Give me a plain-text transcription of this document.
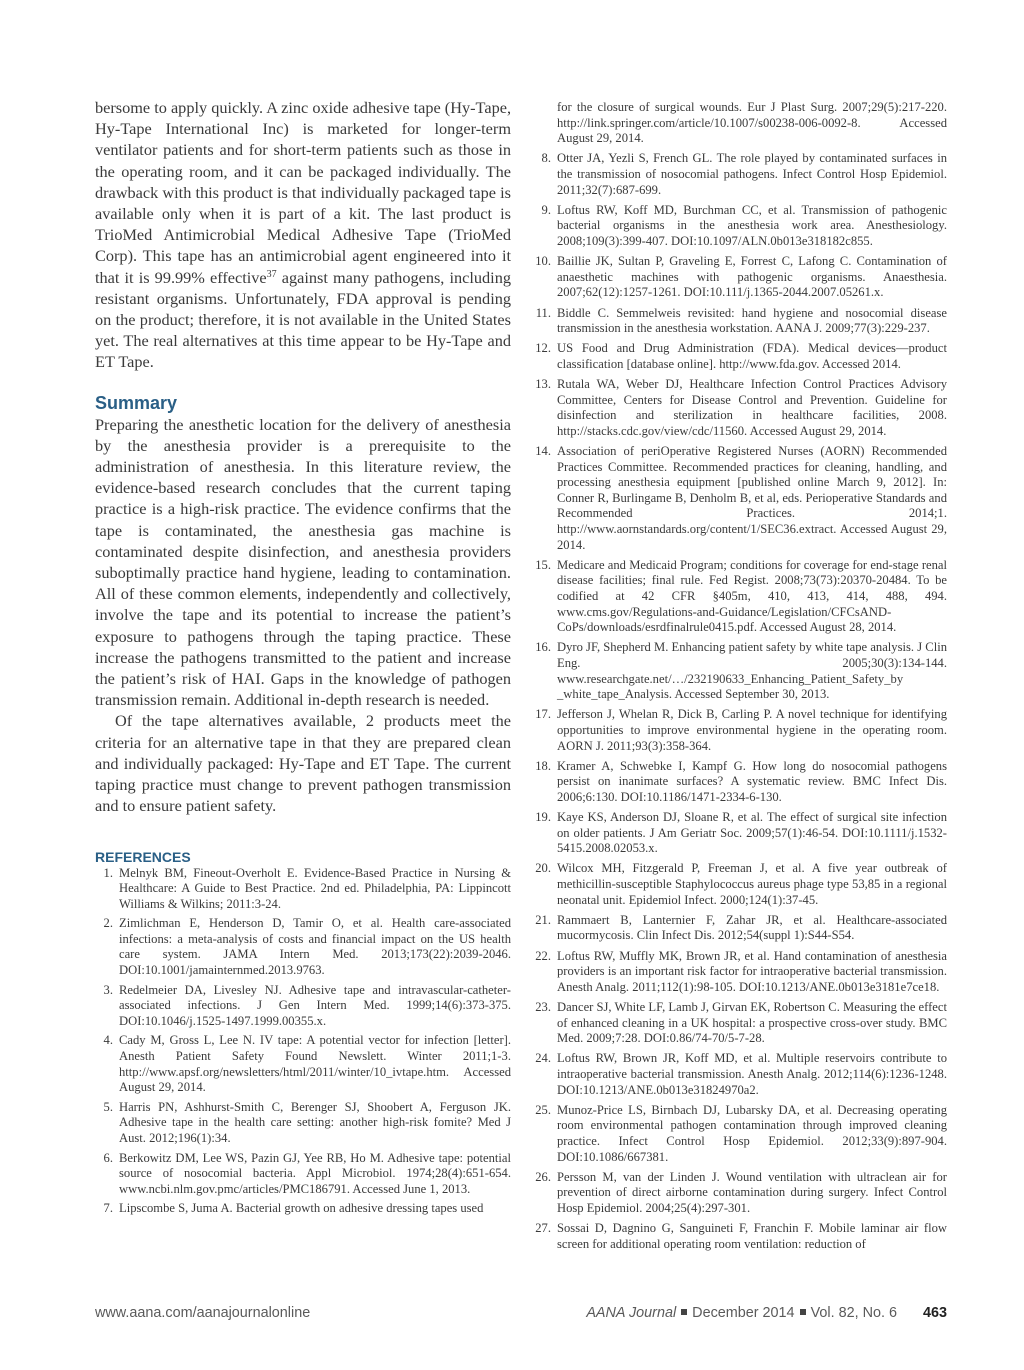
bersome to apply quickly. A zinc oxide adhesive tape (Hy-Tape, Hy-Tape International Inc) is marketed for longer-term ventilator patients and for short-term patients such as those in the operating room, and it can be packaged individually. The drawback with this product is that individually packaged tape is available only when it is part of a kit. The last product is TrioMed Antimicrobial Medical Adhesive Tape (TrioMed Corp). This tape has an antimicrobial agent engineered into it that it is 99.99% effective$^{37}$ against many pathogens, including resistant organisms. Unfortunately, FDA approval is pending on the product; therefore, it is not available in the United States yet. The real alternatives at this time appear to be Hy-Tape and ET Tape.

Summary

Preparing the anesthetic location for the delivery of anesthesia by the anesthesia provider is a prerequisite to the administration of anesthesia. In this literature review, the evidence-based research concludes that the current taping practice is a high-risk practice. The evidence confirms that the tape is contaminated, the anesthesia gas machine is contaminated despite disinfection, and anesthesia providers suboptimally practice hand hygiene, leading to contamination. All of these common elements, independently and collectively, involve the tape and its potential to increase the patient’s exposure to pathogens through the taping practice. These increase the pathogens transmitted to the patient and increase the patient’s risk of HAI. Gaps in the knowledge of pathogen transmission remain. Additional in-depth research is needed.

Of the tape alternatives available, 2 products meet the criteria for an alternative tape in that they are prepared clean and individually packaged: Hy-Tape and ET Tape. The current taping practice must change to prevent pathogen transmission and to ensure patient safety.

REFERENCES
1. Melnyk BM, Fineout-Overholt E. Evidence-Based Practice in Nursing & Healthcare: A Guide to Best Practice. 2nd ed. Philadelphia, PA: Lippincott Williams & Wilkins; 2011:3-24.
2. Zimlichman E, Henderson D, Tamir O, et al. Health care-associated infections: a meta-analysis of costs and financial impact on the US health care system. JAMA Intern Med. 2013;173(22):2039-2046. DOI:10.1001/jamainternmed.2013.9763.
3. Redelmeier DA, Livesley NJ. Adhesive tape and intravascular-catheter-associated infections. J Gen Intern Med. 1999;14(6):373-375. DOI:10.1046/j.1525-1497.1999.00355.x.
4. Cady M, Gross L, Lee N. IV tape: A potential vector for infection [letter]. Anesth Patient Safety Found Newslett. Winter 2011;1-3. http://www.apsf.org/newsletters/html/2011/winter/10_ivtape.htm. Accessed August 29, 2014.
5. Harris PN, Ashhurst-Smith C, Berenger SJ, Shoobert A, Ferguson JK. Adhesive tape in the health care setting: another high-risk fomite? Med J Aust. 2012;196(1):34.
6. Berkowitz DM, Lee WS, Pazin GJ, Yee RB, Ho M. Adhesive tape: potential source of nosocomial bacteria. Appl Microbiol. 1974;28(4):651-654. www.ncbi.nlm.gov.pmc/articles/PMC186791. Accessed June 1, 2013.
7. Lipscombe S, Juma A. Bacterial growth on adhesive dressing tapes used
for the closure of surgical wounds. Eur J Plast Surg. 2007;29(5):217-220. http://link.springer.com/article/10.1007/s00238-006-0092-8. Accessed August 29, 2014.
8. Otter JA, Yezli S, French GL. The role played by contaminated surfaces in the transmission of nosocomial pathogens. Infect Control Hosp Epidemiol. 2011;32(7):687-699.
9. Loftus RW, Koff MD, Burchman CC, et al. Transmission of pathogenic bacterial organisms in the anesthesia work area. Anesthesiology. 2008;109(3):399-407. DOI:10.1097/ALN.0b013e318182c855.
10. Baillie JK, Sultan P, Graveling E, Forrest C, Lafong C. Contamination of anaesthetic machines with pathogenic organisms. Anaesthesia. 2007;62(12):1257-1261. DOI:10.111/j.1365-2044.2007.05261.x.
11. Biddle C. Semmelweis revisited: hand hygiene and nosocomial disease transmission in the anesthesia workstation. AANA J. 2009;77(3):229-237.
12. US Food and Drug Administration (FDA). Medical devices—product classification [database online]. http://www.fda.gov. Accessed 2014.
13. Rutala WA, Weber DJ, Healthcare Infection Control Practices Advisory Committee, Centers for Disease Control and Prevention. Guideline for disinfection and sterilization in healthcare facilities, 2008. http://stacks.cdc.gov/view/cdc/11560. Accessed August 29, 2014.
14. Association of periOperative Registered Nurses (AORN) Recommended Practices Committee. Recommended practices for cleaning, handling, and processing anesthesia equipment [published online March 9, 2012]. In: Conner R, Burlingame B, Denholm B, et al, eds. Perioperative Standards and Recommended Practices. 2014;1. http://www.aornstandards.org/content/1/SEC36.extract. Accessed August 29, 2014.
15. Medicare and Medicaid Program; conditions for coverage for end-stage renal disease facilities; final rule. Fed Regist. 2008;73(73):20370-20484. To be codified at 42 CFR §405m, 410, 413, 414, 488, 494. www.cms.gov/Regulations-and-Guidance/Legislation/CFCsAND-CoPs/downloads/esrdfinalrule0415.pdf. Accessed August 28, 2014.
16. Dyro JF, Shepherd M. Enhancing patient safety by white tape analysis. J Clin Eng. 2005;30(3):134-144. www.researchgate.net/…/232190633_Enhancing_Patient_Safety_by _white_tape_Analysis. Accessed September 30, 2013.
17. Jefferson J, Whelan R, Dick B, Carling P. A novel technique for identifying opportunities to improve environmental hygiene in the operating room. AORN J. 2011;93(3):358-364.
18. Kramer A, Schwebke I, Kampf G. How long do nosocomial pathogens persist on inanimate surfaces? A systematic review. BMC Infect Dis. 2006;6:130. DOI:10.1186/1471-2334-6-130.
19. Kaye KS, Anderson DJ, Sloane R, et al. The effect of surgical site infection on older patients. J Am Geriatr Soc. 2009;57(1):46-54. DOI:10.1111/j.1532-5415.2008.02053.x.
20. Wilcox MH, Fitzgerald P, Freeman J, et al. A five year outbreak of methicillin-susceptible Staphylococcus aureus phage type 53,85 in a regional neonatal unit. Epidemiol Infect. 2000;124(1):37-45.
21. Rammaert B, Lanternier F, Zahar JR, et al. Healthcare-associated mucormycosis. Clin Infect Dis. 2012;54(suppl 1):S44-S54.
22. Loftus RW, Muffly MK, Brown JR, et al. Hand contamination of anesthesia providers is an important risk factor for intraoperative bacterial transmission. Anesth Analg. 2011;112(1):98-105. DOI:10.1213/ANE.0b013e3181e7ce18.
23. Dancer SJ, White LF, Lamb J, Girvan EK, Robertson C. Measuring the effect of enhanced cleaning in a UK hospital: a prospective cross-over study. BMC Med. 2009;7:28. DOI:0.86/74-70/5-7-28.
24. Loftus RW, Brown JR, Koff MD, et al. Multiple reservoirs contribute to intraoperative bacterial transmission. Anesth Analg. 2012;114(6):1236-1248. DOI:10.1213/ANE.0b013e31824970a2.
25. Munoz-Price LS, Birnbach DJ, Lubarsky DA, et al. Decreasing operating room environmental pathogen contamination through improved cleaning practice. Infect Control Hosp Epidemiol. 2012;33(9):897-904. DOI:10.1086/667381.
26. Persson M, van der Linden J. Wound ventilation with ultraclean air for prevention of direct airborne contamination during surgery. Infect Control Hosp Epidemiol. 2004;25(4):297-301.
27. Sossai D, Dagnino G, Sanguineti F, Franchin F. Mobile laminar air flow screen for additional operating room ventilation: reduction of
www.aana.com/aanajournalonline	AANA Journal December 2014 Vol. 82, No. 6 463
